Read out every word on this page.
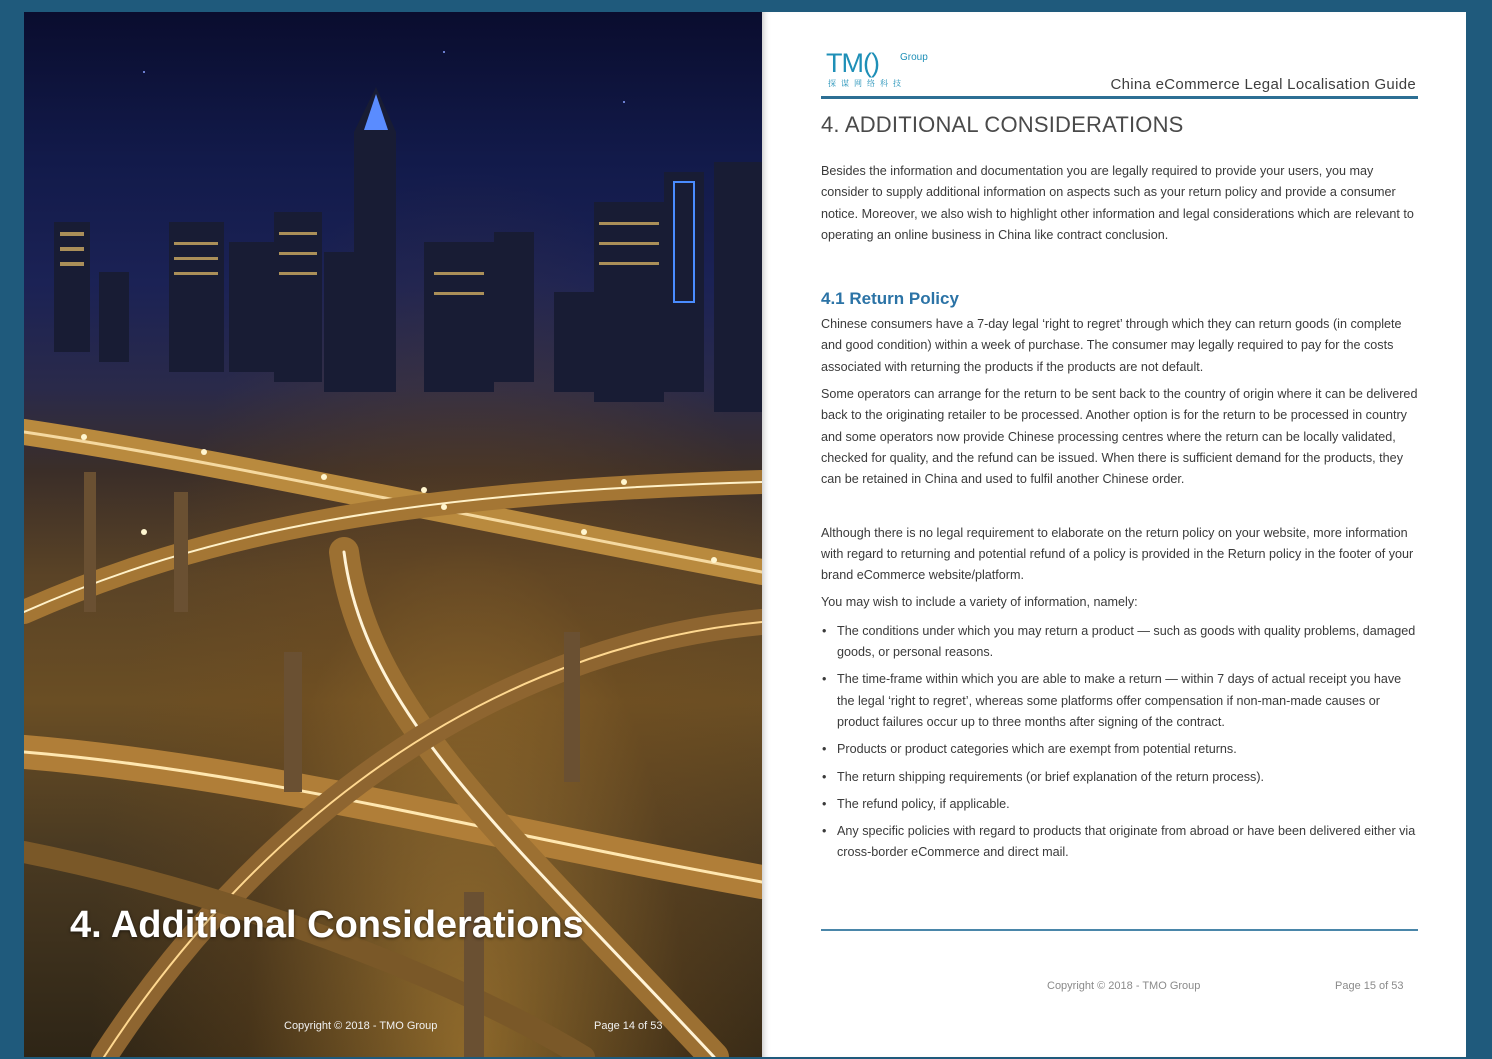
4. Additional Considerations
Copyright © 2018 - TMO Group	Page 14 of 53
TM() Group
探谋网络科技	China eCommerce Legal Localisation Guide
4. ADDITIONAL CONSIDERATIONS

Besides the information and documentation you are legally required to provide your users, you may consider to supply additional information on aspects such as your return policy and provide a consumer notice. Moreover, we also wish to highlight other information and legal considerations which are relevant to operating an online business in China like contract conclusion.

4.1 Return Policy

Chinese consumers have a 7-day legal ‘right to regret’ through which they can return goods (in complete and good condition) within a week of purchase. The consumer may legally required to pay for the costs associated with returning the products if the products are not default.

Some operators can arrange for the return to be sent back to the country of origin where it can be delivered back to the originating retailer to be processed. Another option is for the return to be processed in country and some operators now provide Chinese processing centres where the return can be locally validated, checked for quality, and the refund can be issued. When there is sufficient demand for the products, they can be retained in China and used to fulfil another Chinese order.

Although there is no legal requirement to elaborate on the return policy on your website, more information with regard to returning and potential refund of a policy is provided in the Return policy in the footer of your brand eCommerce website/platform.

You may wish to include a variety of information, namely:

• The conditions under which you may return a product — such as goods with quality problems, damaged goods, or personal reasons.
• The time-frame within which you are able to make a return — within 7 days of actual receipt you have the legal ‘right to regret’, whereas some platforms offer compensation if non-man-made causes or product failures occur up to three months after signing of the contract.
• Products or product categories which are exempt from potential returns.
• The return shipping requirements (or brief explanation of the return process).
• The refund policy, if applicable.
• Any specific policies with regard to products that originate from abroad or have been delivered either via cross-border eCommerce and direct mail.
Copyright © 2018 - TMO Group	Page 15 of 53
